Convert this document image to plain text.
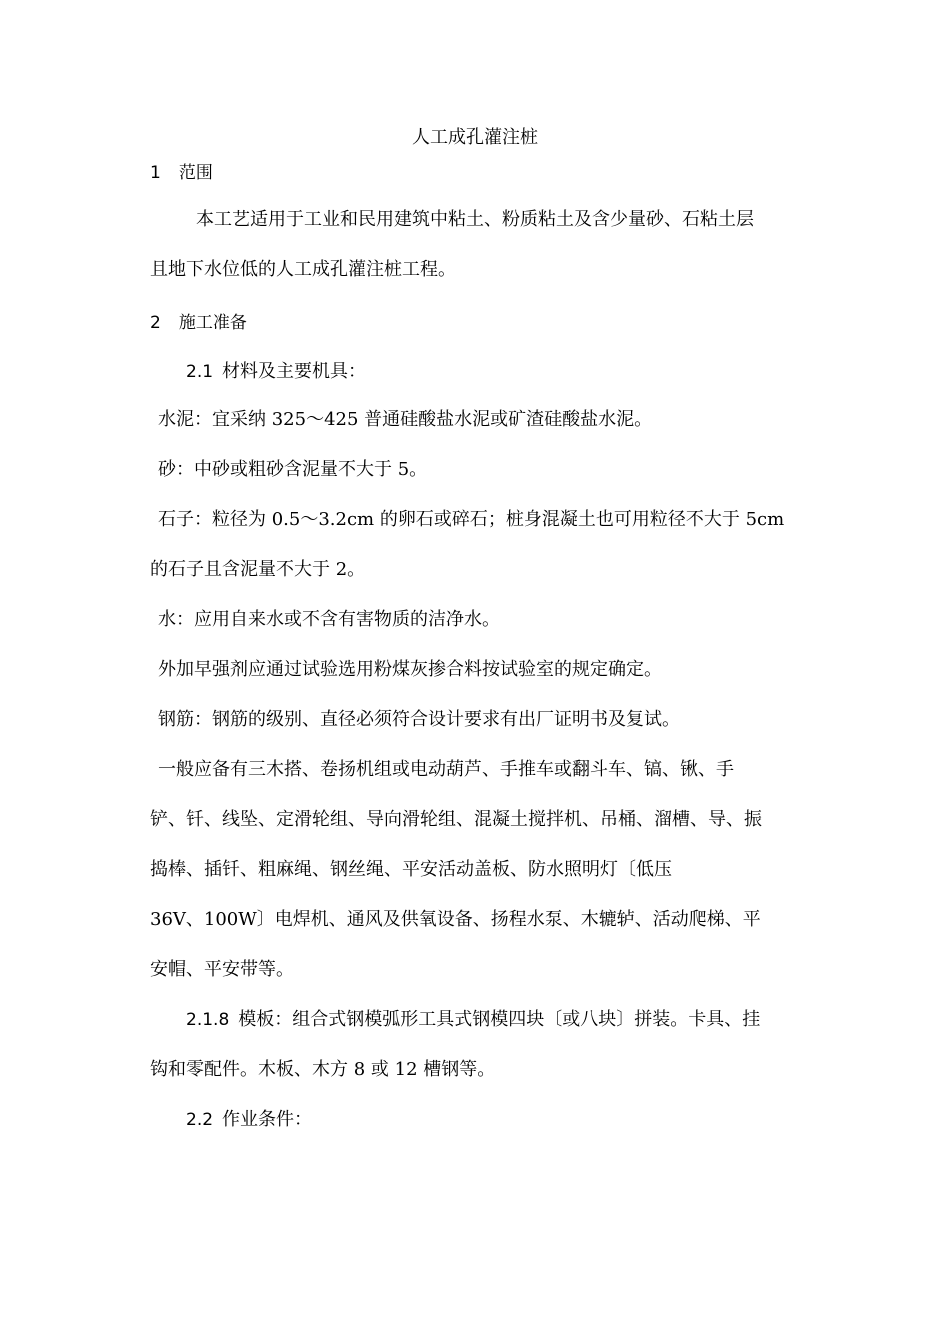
人工成孔灌注桩
1 范围
本工艺适用于工业和民用建筑中粘土、粉质粘土及含少量砂、石粘土层
且地下水位低的人工成孔灌注桩工程。
2 施工准备
2.1 材料及主要机具：
水泥：宜采纳 325～425 普通硅酸盐水泥或矿渣硅酸盐水泥。
砂：中砂或粗砂含泥量不大于 5。
石子：粒径为 0.5～3.2cm 的卵石或碎石；桩身混凝土也可用粒径不大于 5cm
的石子且含泥量不大于 2。
水：应用自来水或不含有害物质的洁净水。
外加早强剂应通过试验选用粉煤灰掺合料按试验室的规定确定。
钢筋：钢筋的级别、直径必须符合设计要求有出厂证明书及复试。
一般应备有三木搭、卷扬机组或电动葫芦、手推车或翻斗车、镐、锹、手
铲、钎、线坠、定滑轮组、导向滑轮组、混凝土搅拌机、吊桶、溜槽、导、振
捣棒、插钎、粗麻绳、钢丝绳、平安活动盖板、防水照明灯〔低压
36V、100W〕电焊机、通风及供氧设备、扬程水泵、木辘轳、活动爬梯、平
安帽、平安带等。
2.1.8 模板：组合式钢模弧形工具式钢模四块〔或八块〕拼装。卡具、挂
钩和零配件。木板、木方 8 或 12 槽钢等。
2.2 作业条件：
